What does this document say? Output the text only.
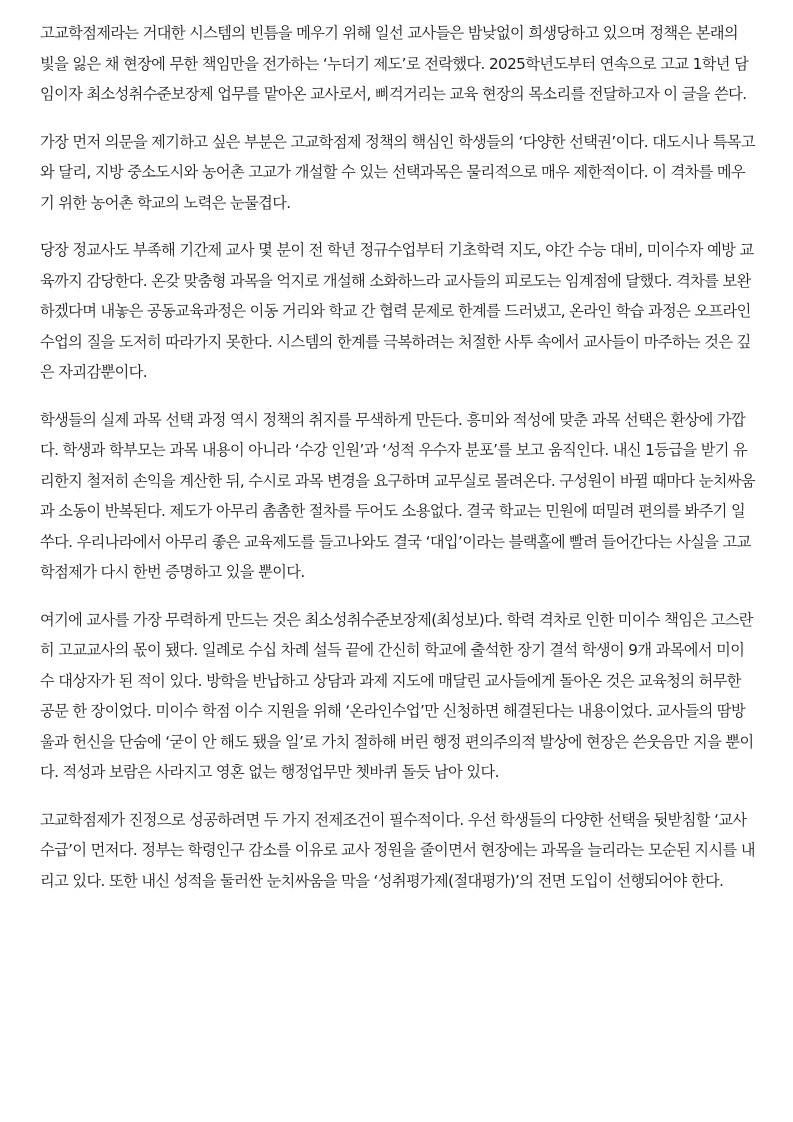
고교학점제라는 거대한 시스템의 빈틈을 메우기 위해 일선 교사들은 밤낮없이 희생당하고 있으며 정책은 본래의 빛을 잃은 채 현장에 무한 책임만을 전가하는 ‘누더기 제도’로 전락했다. 2025학년도부터 연속으로 고교 1학년 담임이자 최소성취수준보장제 업무를 맡아온 교사로서, 삐걱거리는 교육 현장의 목소리를 전달하고자 이 글을 쓴다.

가장 먼저 의문을 제기하고 싶은 부분은 고교학점제 정책의 핵심인 학생들의 ‘다양한 선택권’이다. 대도시나 특목고와 달리, 지방 중소도시와 농어촌 고교가 개설할 수 있는 선택과목은 물리적으로 매우 제한적이다. 이 격차를 메우기 위한 농어촌 학교의 노력은 눈물겹다.

당장 정교사도 부족해 기간제 교사 몇 분이 전 학년 정규수업부터 기초학력 지도, 야간 수능 대비, 미이수자 예방 교육까지 감당한다. 온갖 맞춤형 과목을 억지로 개설해 소화하느라 교사들의 피로도는 임계점에 달했다. 격차를 보완하겠다며 내놓은 공동교육과정은 이동 거리와 학교 간 협력 문제로 한계를 드러냈고, 온라인 학습 과정은 오프라인 수업의 질을 도저히 따라가지 못한다. 시스템의 한계를 극복하려는 처절한 사투 속에서 교사들이 마주하는 것은 깊은 자괴감뿐이다.

학생들의 실제 과목 선택 과정 역시 정책의 취지를 무색하게 만든다. 흥미와 적성에 맞춘 과목 선택은 환상에 가깝다. 학생과 학부모는 과목 내용이 아니라 ‘수강 인원’과 ‘성적 우수자 분포’를 보고 움직인다. 내신 1등급을 받기 유리한지 철저히 손익을 계산한 뒤, 수시로 과목 변경을 요구하며 교무실로 몰려온다. 구성원이 바뀔 때마다 눈치싸움과 소동이 반복된다. 제도가 아무리 촘촘한 절차를 두어도 소용없다. 결국 학교는 민원에 떠밀려 편의를 봐주기 일쑤다. 우리나라에서 아무리 좋은 교육제도를 들고나와도 결국 ‘대입’이라는 블랙홀에 빨려 들어간다는 사실을 고교학점제가 다시 한번 증명하고 있을 뿐이다.

여기에 교사를 가장 무력하게 만드는 것은 최소성취수준보장제(최성보)다. 학력 격차로 인한 미이수 책임은 고스란히 고교교사의 몫이 됐다. 일례로 수십 차례 설득 끝에 간신히 학교에 출석한 장기 결석 학생이 9개 과목에서 미이수 대상자가 된 적이 있다. 방학을 반납하고 상담과 과제 지도에 매달린 교사들에게 돌아온 것은 교육청의 허무한 공문 한 장이었다. 미이수 학점 이수 지원을 위해 ‘온라인수업’만 신청하면 해결된다는 내용이었다. 교사들의 땀방울과 헌신을 단숨에 ‘굳이 안 해도 됐을 일’로 가치 절하해 버린 행정 편의주의적 발상에 현장은 쓴웃음만 지을 뿐이다. 적성과 보람은 사라지고 영혼 없는 행정업무만 쳇바퀴 돌듯 남아 있다.

고교학점제가 진정으로 성공하려면 두 가지 전제조건이 필수적이다. 우선 학생들의 다양한 선택을 뒷받침할 ‘교사 수급’이 먼저다. 정부는 학령인구 감소를 이유로 교사 정원을 줄이면서 현장에는 과목을 늘리라는 모순된 지시를 내리고 있다. 또한 내신 성적을 둘러싼 눈치싸움을 막을 ‘성취평가제(절대평가)’의 전면 도입이 선행되어야 한다.
